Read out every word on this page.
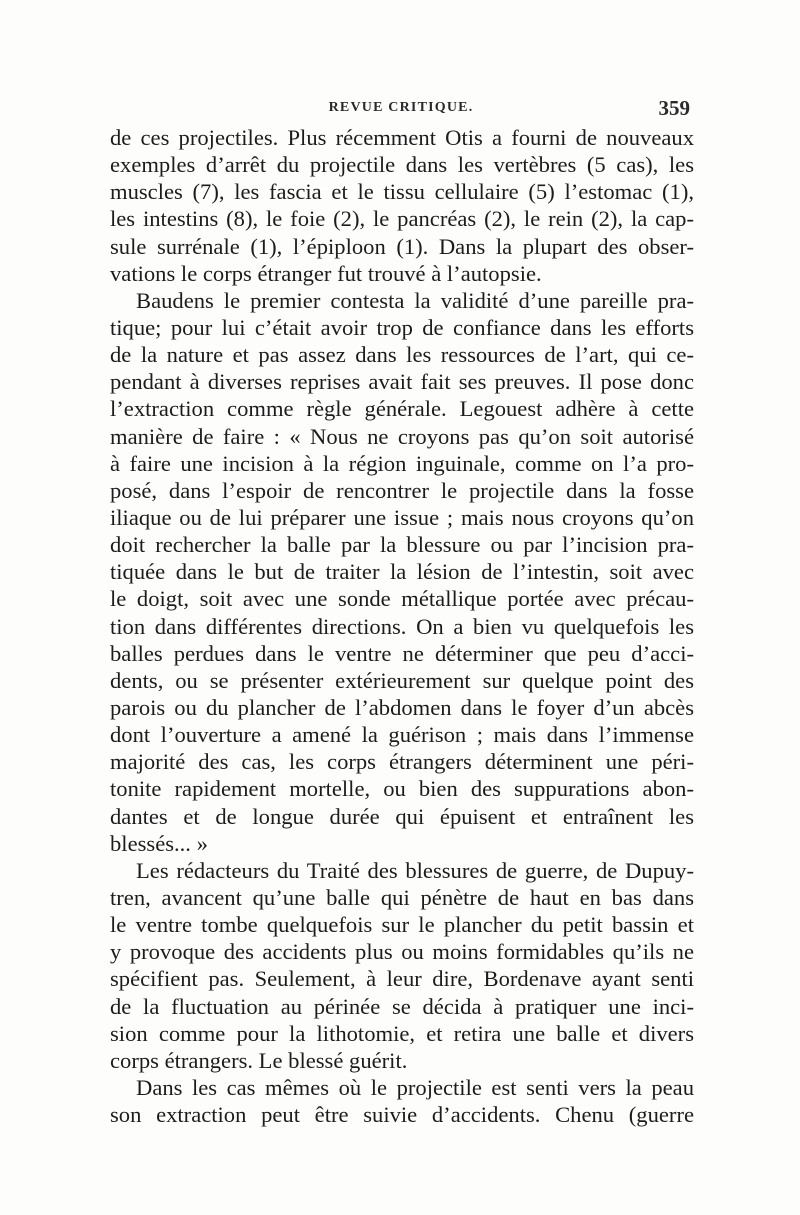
REVUE CRITIQUE.	359
de ces projectiles. Plus récemment Otis a fourni de nouveaux
exemples d’arrêt du projectile dans les vertèbres (5 cas), les
muscles (7), les fascia et le tissu cellulaire (5) l’estomac (1),
les intestins (8), le foie (2), le pancréas (2), le rein (2), la cap-
sule surrénale (1), l’épiploon (1). Dans la plupart des obser-
vations le corps étranger fut trouvé à l’autopsie.
Baudens le premier contesta la validité d’une pareille pra-
tique; pour lui c’était avoir trop de confiance dans les efforts
de la nature et pas assez dans les ressources de l’art, qui ce-
pendant à diverses reprises avait fait ses preuves. Il pose donc
l’extraction comme règle générale. Legouest adhère à cette
manière de faire : « Nous ne croyons pas qu’on soit autorisé
à faire une incision à la région inguinale, comme on l’a pro-
posé, dans l’espoir de rencontrer le projectile dans la fosse
iliaque ou de lui préparer une issue ; mais nous croyons qu’on
doit rechercher la balle par la blessure ou par l’incision pra-
tiquée dans le but de traiter la lésion de l’intestin, soit avec
le doigt, soit avec une sonde métallique portée avec précau-
tion dans différentes directions. On a bien vu quelquefois les
balles perdues dans le ventre ne déterminer que peu d’acci-
dents, ou se présenter extérieurement sur quelque point des
parois ou du plancher de l’abdomen dans le foyer d’un abcès
dont l’ouverture a amené la guérison ; mais dans l’immense
majorité des cas, les corps étrangers déterminent une péri-
tonite rapidement mortelle, ou bien des suppurations abon-
dantes et de longue durée qui épuisent et entraînent les
blessés... »
Les rédacteurs du Traité des blessures de guerre, de Dupuy-
tren, avancent qu’une balle qui pénètre de haut en bas dans
le ventre tombe quelquefois sur le plancher du petit bassin et
y provoque des accidents plus ou moins formidables qu’ils ne
spécifient pas. Seulement, à leur dire, Bordenave ayant senti
de la fluctuation au périnée se décida à pratiquer une inci-
sion comme pour la lithotomie, et retira une balle et divers
corps étrangers. Le blessé guérit.
Dans les cas mêmes où le projectile est senti vers la peau
son extraction peut être suivie d’accidents. Chenu (guerre
